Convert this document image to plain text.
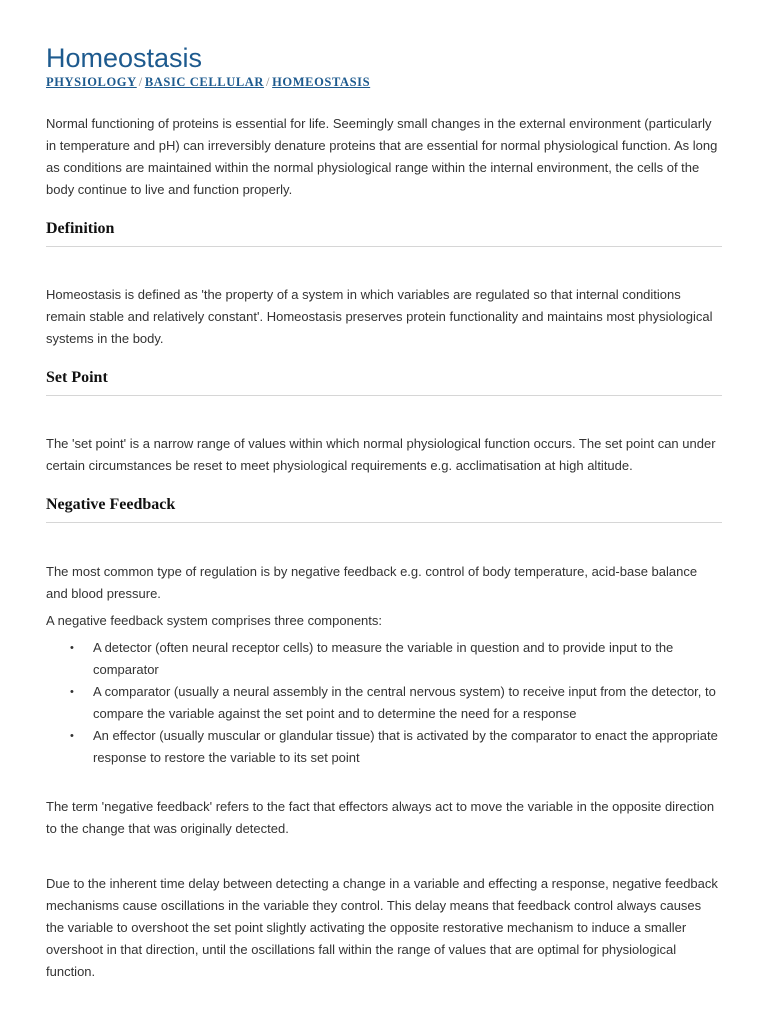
Homeostasis
PHYSIOLOGY / BASIC CELLULAR / HOMEOSTASIS

Normal functioning of proteins is essential for life. Seemingly small changes in the external environment (particularly in temperature and pH) can irreversibly denature proteins that are essential for normal physiological function. As long as conditions are maintained within the normal physiological range within the internal environment, the cells of the body continue to live and function properly.

Definition

Homeostasis is defined as 'the property of a system in which variables are regulated so that internal conditions remain stable and relatively constant'. Homeostasis preserves protein functionality and maintains most physiological systems in the body.

Set Point

The 'set point' is a narrow range of values within which normal physiological function occurs. The set point can under certain circumstances be reset to meet physiological requirements e.g. acclimatisation at high altitude.

Negative Feedback

The most common type of regulation is by negative feedback e.g. control of body temperature, acid-base balance and blood pressure.

A negative feedback system comprises three components:

• A detector (often neural receptor cells) to measure the variable in question and to provide input to the comparator
• A comparator (usually a neural assembly in the central nervous system) to receive input from the detector, to compare the variable against the set point and to determine the need for a response
• An effector (usually muscular or glandular tissue) that is activated by the comparator to enact the appropriate response to restore the variable to its set point

The term 'negative feedback' refers to the fact that effectors always act to move the variable in the opposite direction to the change that was originally detected.

Due to the inherent time delay between detecting a change in a variable and effecting a response, negative feedback mechanisms cause oscillations in the variable they control. This delay means that feedback control always causes the variable to overshoot the set point slightly activating the opposite restorative mechanism to induce a smaller overshoot in that direction, until the oscillations fall within the range of values that are optimal for physiological function.
